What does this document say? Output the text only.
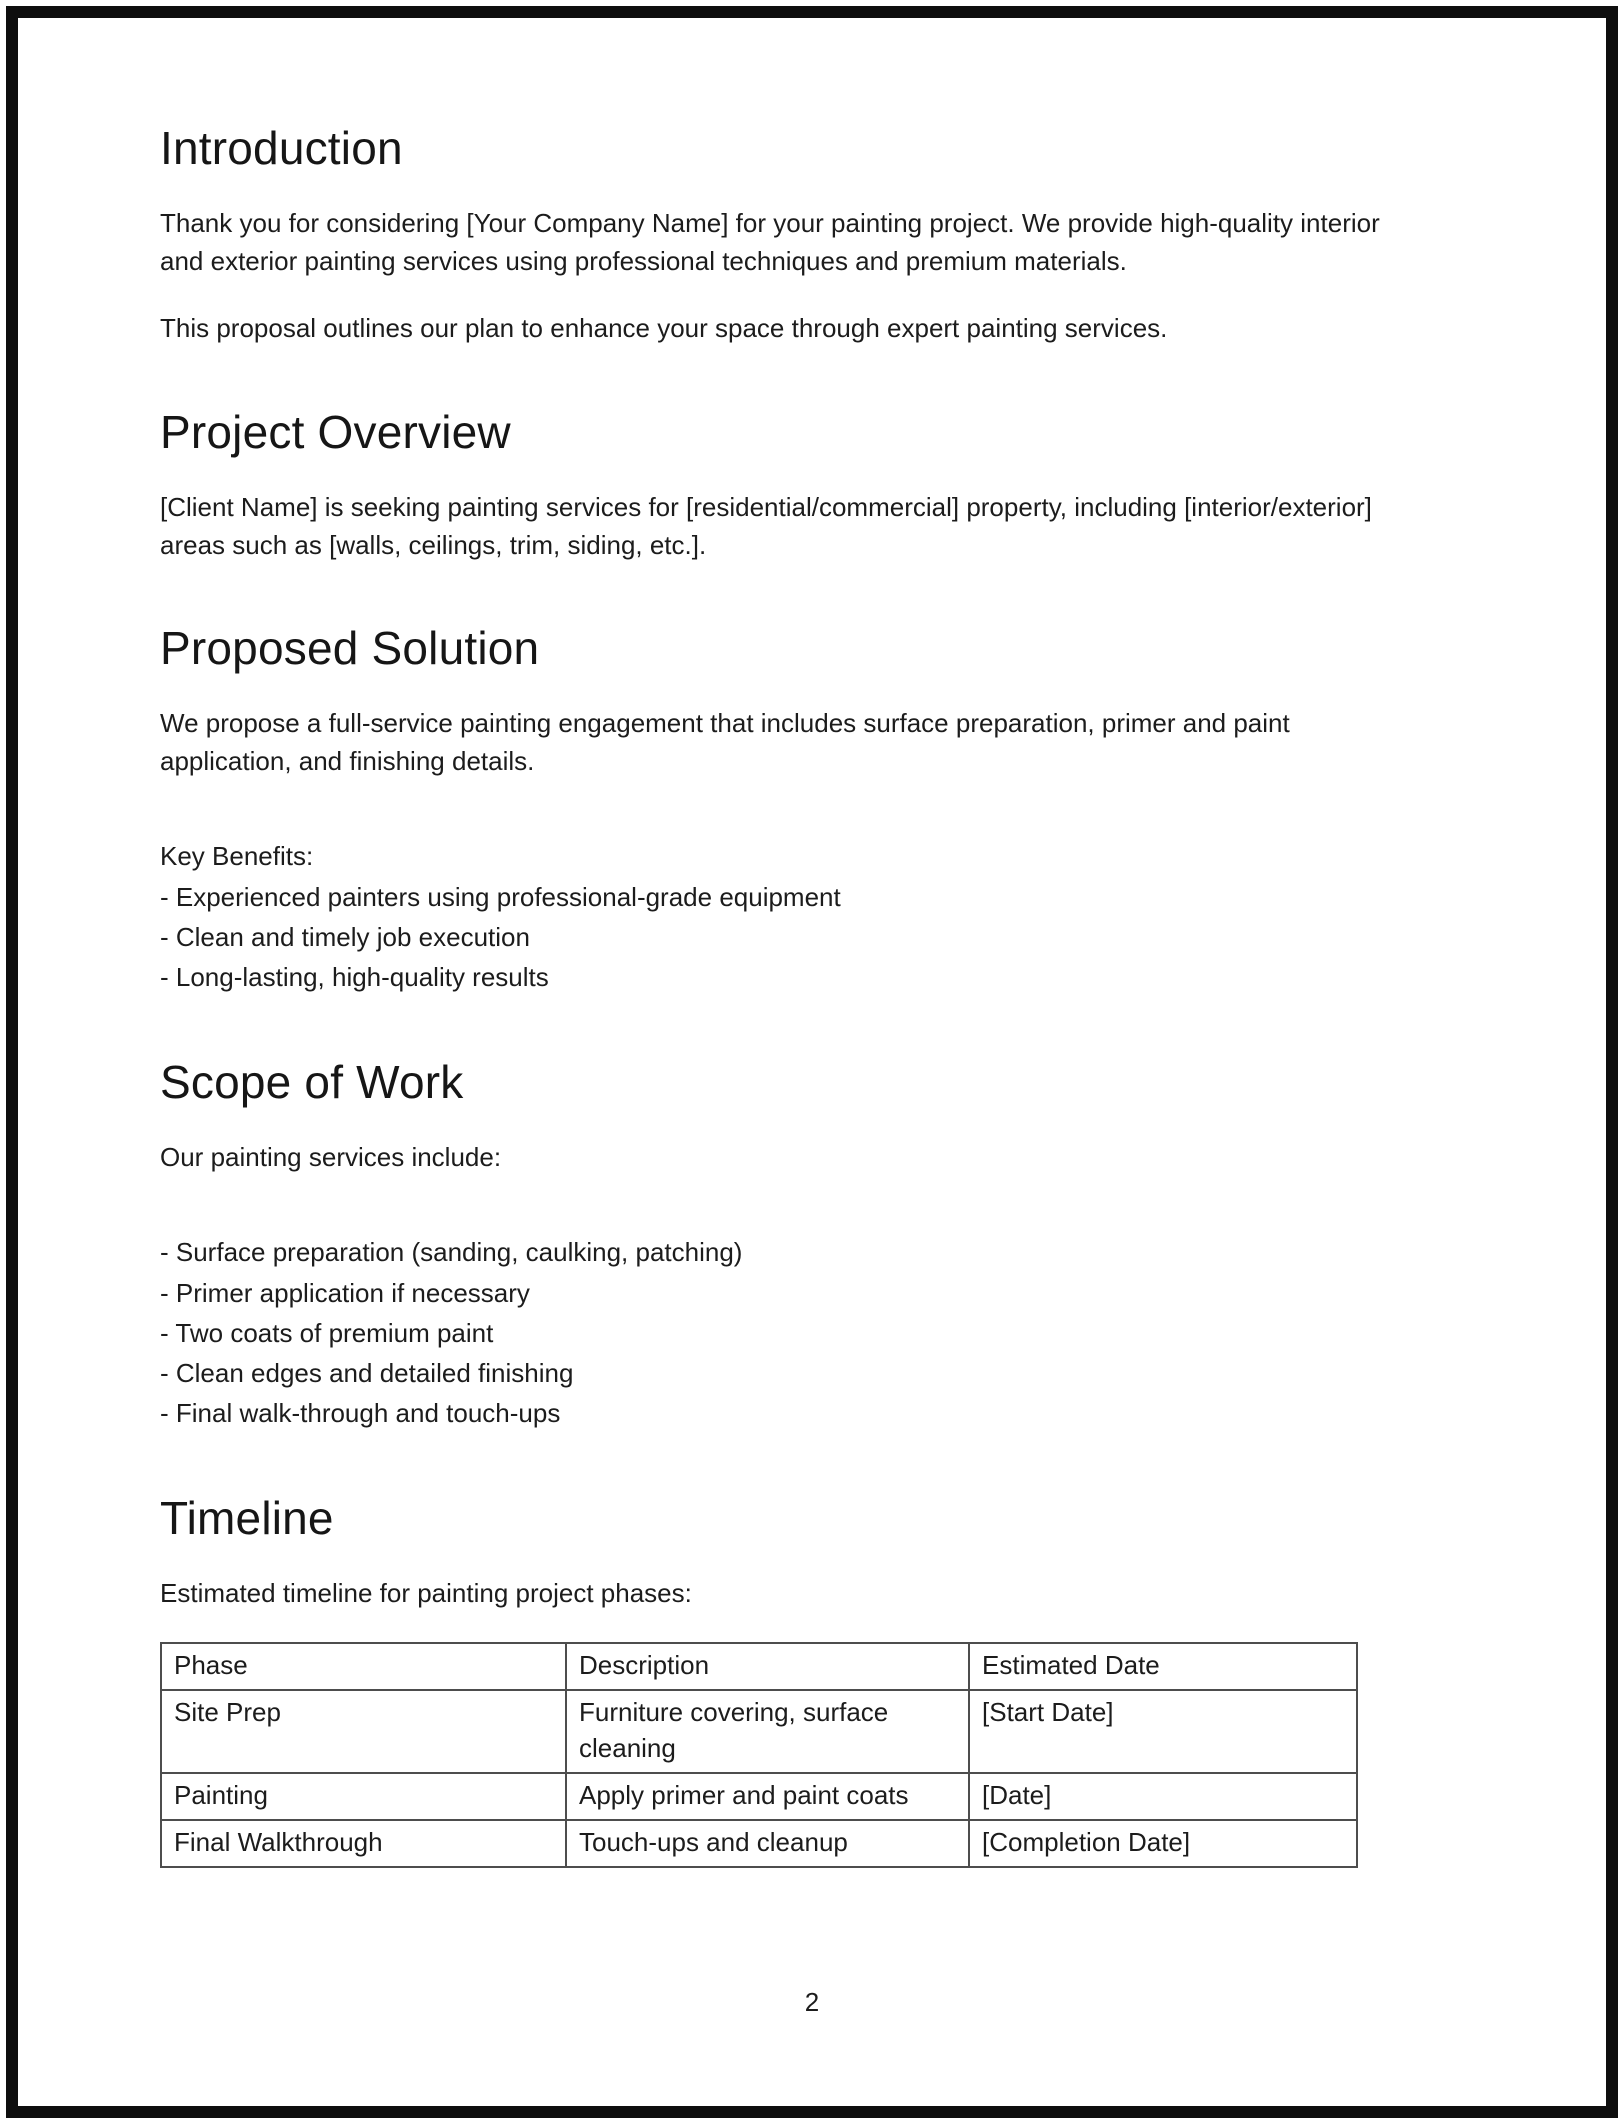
Introduction

Thank you for considering [Your Company Name] for your painting project. We provide high-quality interior and exterior painting services using professional techniques and premium materials.

This proposal outlines our plan to enhance your space through expert painting services.

Project Overview

[Client Name] is seeking painting services for [residential/commercial] property, including [interior/exterior] areas such as [walls, ceilings, trim, siding, etc.].

Proposed Solution

We propose a full-service painting engagement that includes surface preparation, primer and paint application, and finishing details.

Key Benefits:
- Experienced painters using professional-grade equipment
- Clean and timely job execution
- Long-lasting, high-quality results
Scope of Work

Our painting services include:

- Surface preparation (sanding, caulking, patching)
- Primer application if necessary
- Two coats of premium paint
- Clean edges and detailed finishing
- Final walk-through and touch-ups
Timeline

Estimated timeline for painting project phases:

Phase	Description	Estimated Date
Site Prep	Furniture covering, surface cleaning	[Start Date]
Painting	Apply primer and paint coats	[Date]
Final Walkthrough	Touch-ups and cleanup	[Completion Date]
2
